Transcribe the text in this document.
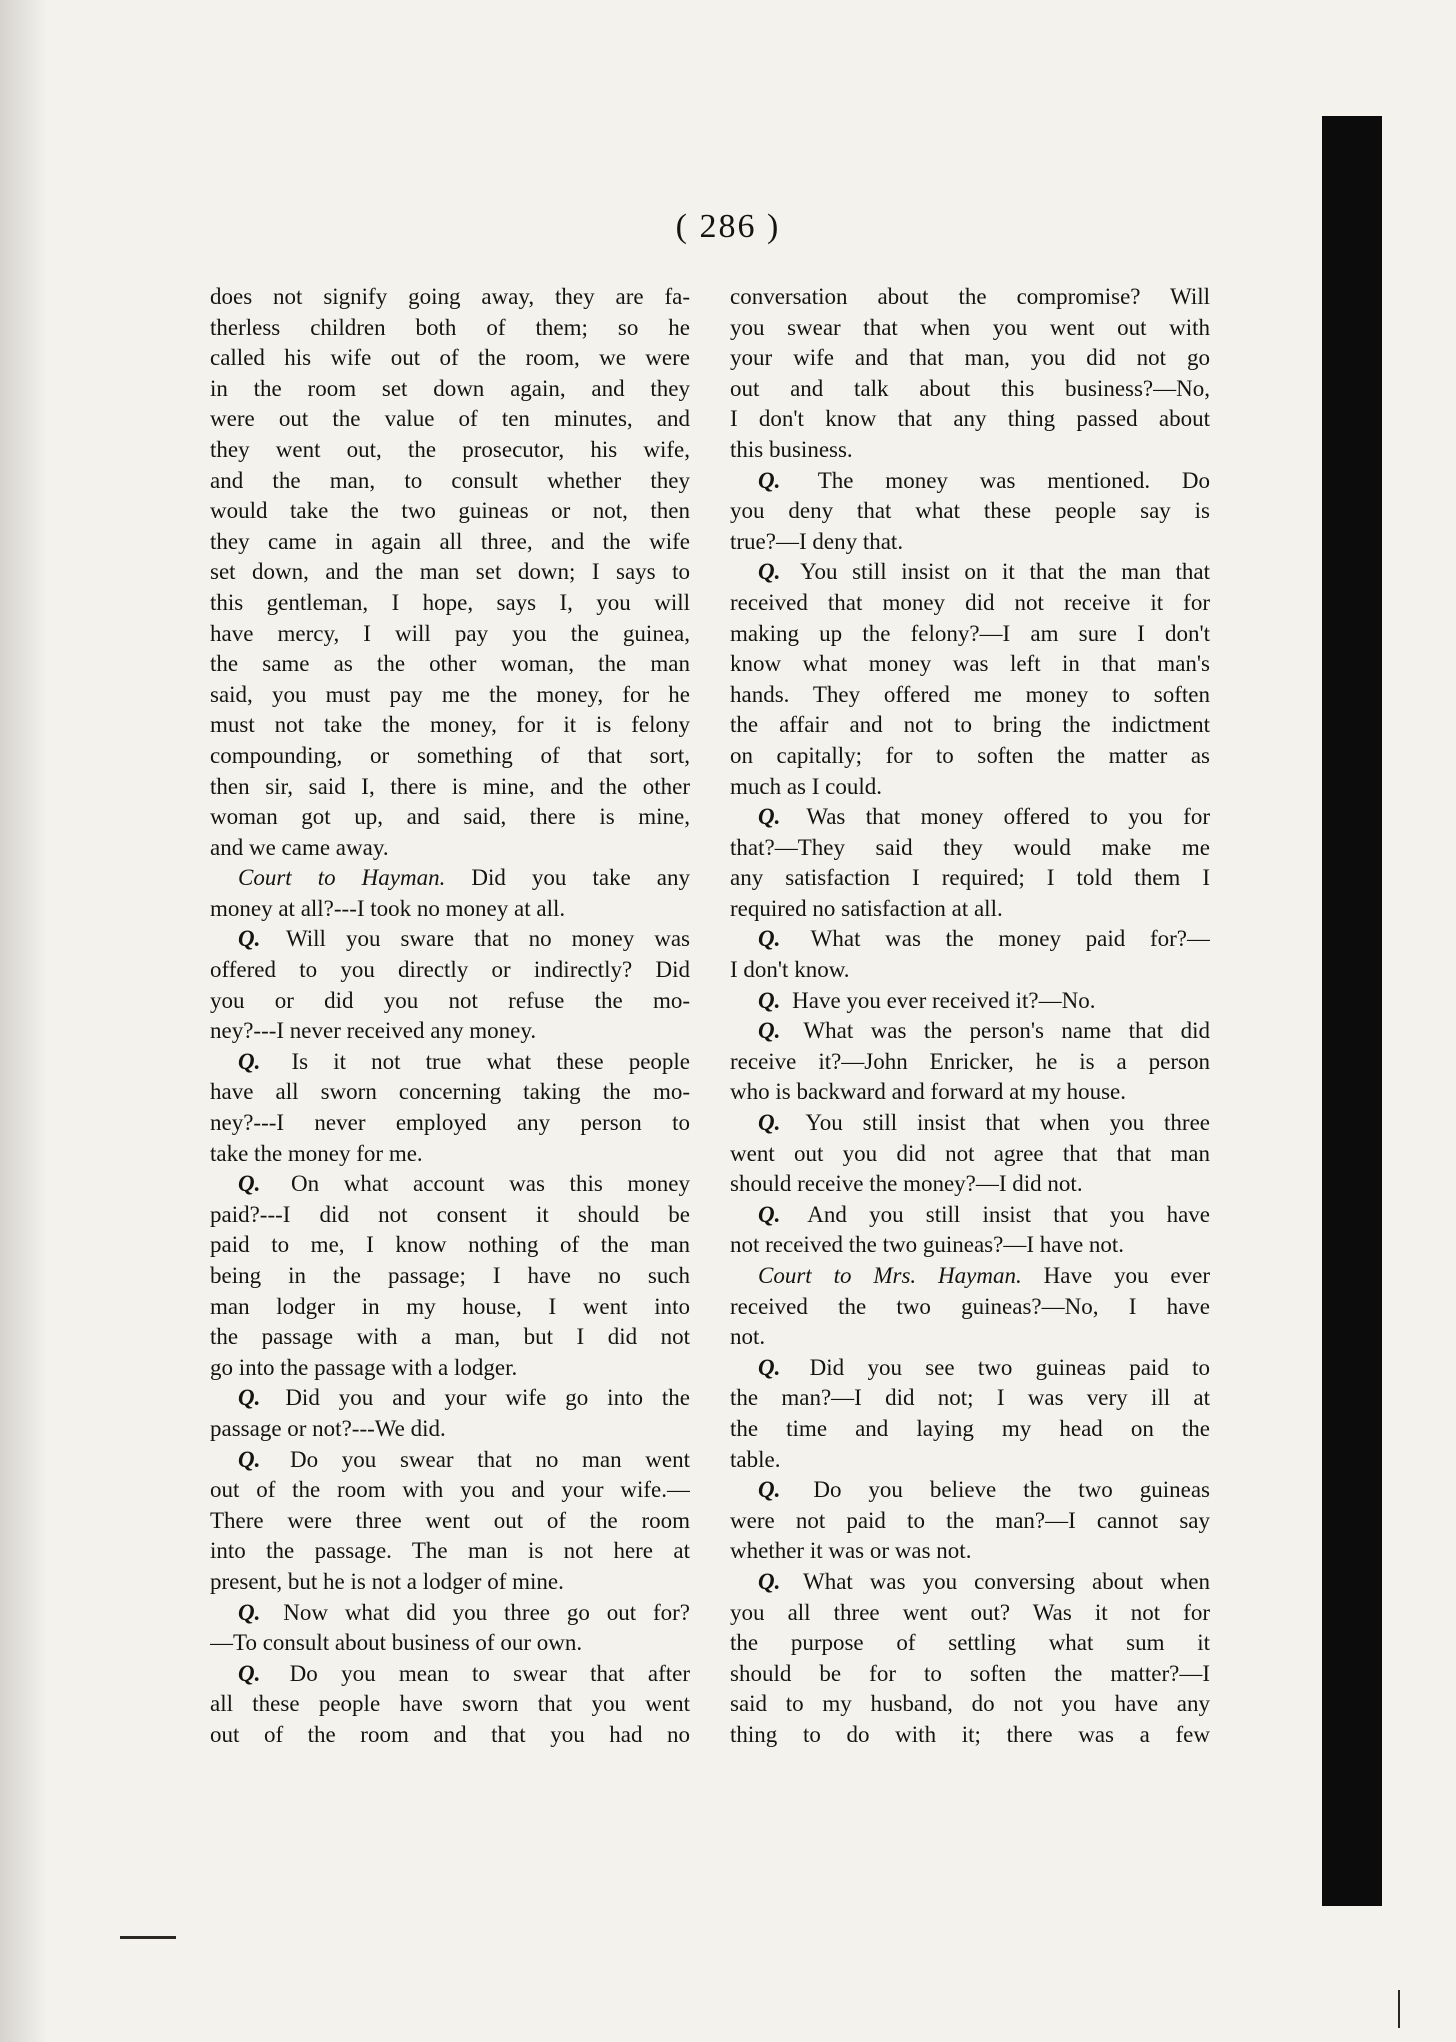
( 286 )
does not signify going away, they are fa-
therless children both of them; so he
called his wife out of the room, we were
in the room set down again, and they
were out the value of ten minutes, and
they went out, the prosecutor, his wife,
and the man, to consult whether they
would take the two guineas or not, then
they came in again all three, and the wife
set down, and the man set down; I says to
this gentleman, I hope, says I, you will
have mercy, I will pay you the guinea,
the same as the other woman, the man
said, you must pay me the money, for he
must not take the money, for it is felony
compounding, or something of that sort,
then sir, said I, there is mine, and the other
woman got up, and said, there is mine,
and we came away.
Court to Hayman. Did you take any
money at all?---I took no money at all.
Q. Will you sware that no money was
offered to you directly or indirectly? Did
you or did you not refuse the mo-
ney?---I never received any money.
Q. Is it not true what these people
have all sworn concerning taking the mo-
ney?---I never employed any person to
take the money for me.
Q. On what account was this money
paid?---I did not consent it should be
paid to me, I know nothing of the man
being in the passage; I have no such
man lodger in my house, I went into
the passage with a man, but I did not
go into the passage with a lodger.
Q. Did you and your wife go into the
passage or not?---We did.
Q. Do you swear that no man went
out of the room with you and your wife.—
There were three went out of the room
into the passage. The man is not here at
present, but he is not a lodger of mine.
Q. Now what did you three go out for?
—To consult about business of our own.
Q. Do you mean to swear that after
all these people have sworn that you went
out of the room and that you had no
conversation about the compromise? Will
you swear that when you went out with
your wife and that man, you did not go
out and talk about this business?—No,
I don't know that any thing passed about
this business.
Q. The money was mentioned. Do
you deny that what these people say is
true?—I deny that.
Q. You still insist on it that the man that
received that money did not receive it for
making up the felony?—I am sure I don't
know what money was left in that man's
hands. They offered me money to soften
the affair and not to bring the indictment
on capitally; for to soften the matter as
much as I could.
Q. Was that money offered to you for
that?—They said they would make me
any satisfaction I required; I told them I
required no satisfaction at all.
Q. What was the money paid for?—
I don't know.
Q. Have you ever received it?—No.
Q. What was the person's name that did
receive it?—John Enricker, he is a person
who is backward and forward at my house.
Q. You still insist that when you three
went out you did not agree that that man
should receive the money?—I did not.
Q. And you still insist that you have
not received the two guineas?—I have not.
Court to Mrs. Hayman. Have you ever
received the two guineas?—No, I have
not.
Q. Did you see two guineas paid to
the man?—I did not; I was very ill at
the time and laying my head on the
table.
Q. Do you believe the two guineas
were not paid to the man?—I cannot say
whether it was or was not.
Q. What was you conversing about when
you all three went out? Was it not for
the purpose of settling what sum it
should be for to soften the matter?—I
said to my husband, do not you have any
thing to do with it; there was a few
